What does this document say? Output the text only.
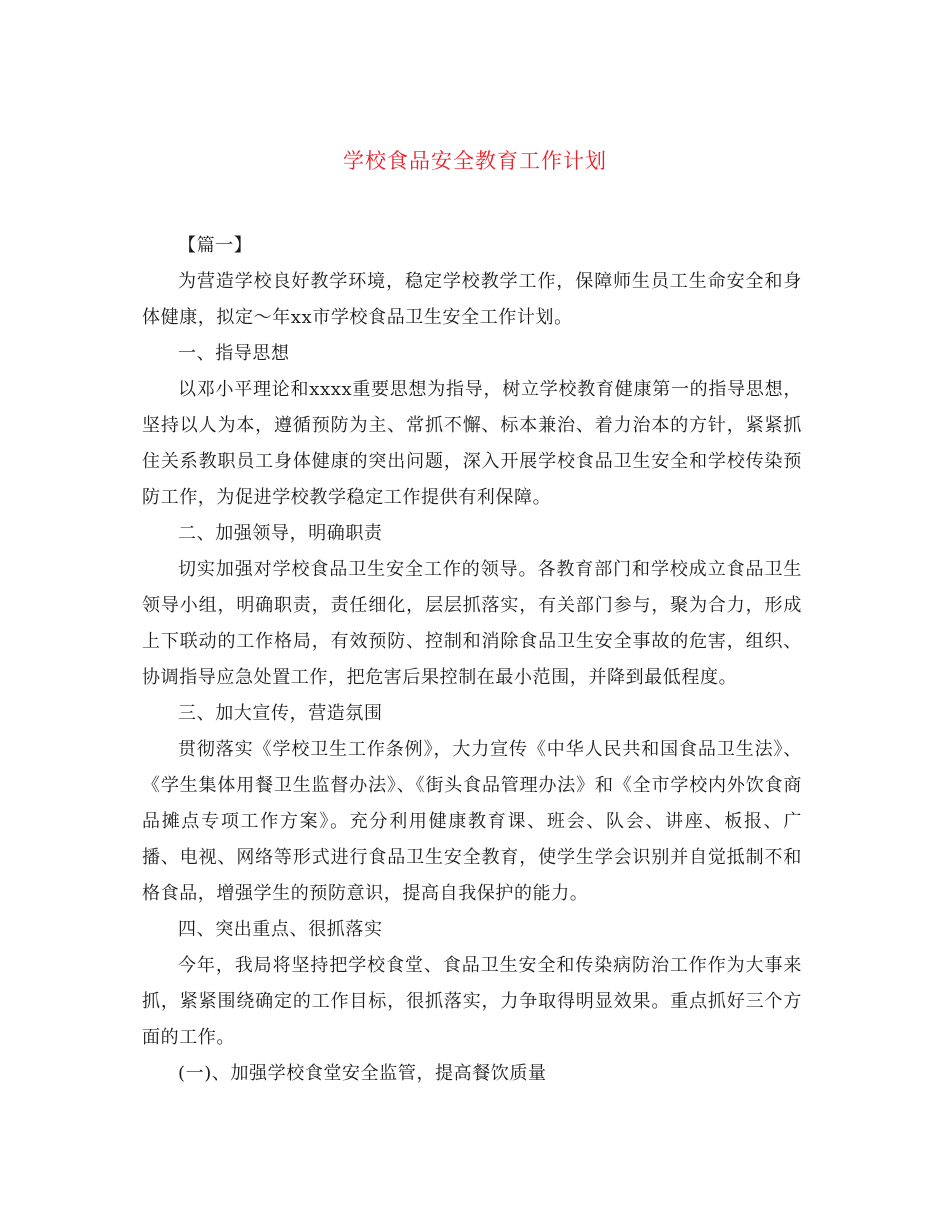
学校食品安全教育工作计划

【篇一】

为营造学校良好教学环境，稳定学校教学工作，保障师生员工生命安全和身体健康，拟定～年xx市学校食品卫生安全工作计划。

一、指导思想

以邓小平理论和xxxx重要思想为指导，树立学校教育健康第一的指导思想，坚持以人为本，遵循预防为主、常抓不懈、标本兼治、着力治本的方针，紧紧抓住关系教职员工身体健康的突出问题，深入开展学校食品卫生安全和学校传染预防工作，为促进学校教学稳定工作提供有利保障。

二、加强领导，明确职责

切实加强对学校食品卫生安全工作的领导。各教育部门和学校成立食品卫生领导小组，明确职责，责任细化，层层抓落实，有关部门参与，聚为合力，形成上下联动的工作格局，有效预防、控制和消除食品卫生安全事故的危害，组织、协调指导应急处置工作，把危害后果控制在最小范围，并降到最低程度。

三、加大宣传，营造氛围

贯彻落实《学校卫生工作条例》，大力宣传《中华人民共和国食品卫生法》、《学生集体用餐卫生监督办法》、《街头食品管理办法》和《全市学校内外饮食商品摊点专项工作方案》。充分利用健康教育课、班会、队会、讲座、板报、广播、电视、网络等形式进行食品卫生安全教育，使学生学会识别并自觉抵制不和格食品，增强学生的预防意识，提高自我保护的能力。

四、突出重点、很抓落实

今年，我局将坚持把学校食堂、食品卫生安全和传染病防治工作作为大事来抓，紧紧围绕确定的工作目标，很抓落实，力争取得明显效果。重点抓好三个方面的工作。

(一)、加强学校食堂安全监管，提高餐饮质量
